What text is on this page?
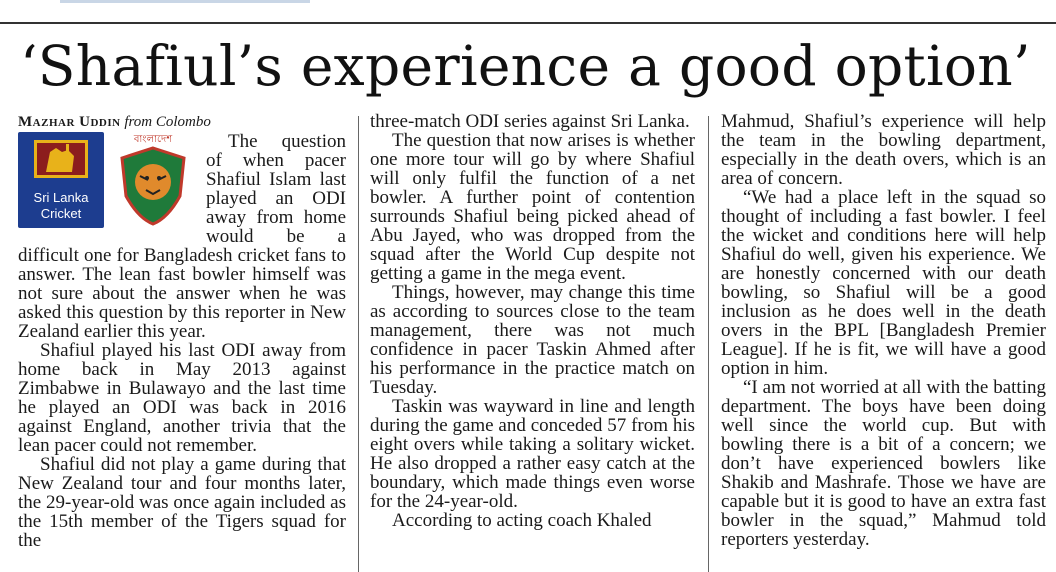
‘Shafiul’s experience a good option’

Mazhar Uddin from Colombo

Sri Lanka
Cricket
বাংলাদেশ	The question of when pacer Shafiul Islam last played an ODI away from home would be a difficult one for Bangladesh cricket fans to answer. The lean fast bowler himself was not sure about the answer when he was asked this question by this reporter in New Zealand earlier this year.

Shafiul played his last ODI away from home back in May 2013 against Zimbabwe in Bulawayo and the last time he played an ODI was back in 2016 against England, another trivia that the lean pacer could not remember.

Shafiul did not play a game during that New Zealand tour and four months later, the 29-year-old was once again included as the 15th member of the Tigers squad for the

three-match ODI series against Sri Lanka.

The question that now arises is whether one more tour will go by where Shafiul will only fulfil the function of a net bowler. A further point of contention surrounds Shafiul being picked ahead of Abu Jayed, who was dropped from the squad after the World Cup despite not getting a game in the mega event.

Things, however, may change this time as according to sources close to the team management, there was not much confidence in pacer Taskin Ahmed after his performance in the practice match on Tuesday.

Taskin was wayward in line and length during the game and conceded 57 from his eight overs while taking a solitary wicket. He also dropped a rather easy catch at the boundary, which made things even worse for the 24-year-old.

According to acting coach Khaled

Mahmud, Shafiul’s experience will help the team in the bowling department, especially in the death overs, which is an area of concern.

“We had a place left in the squad so thought of including a fast bowler. I feel the wicket and conditions here will help Shafiul do well, given his experience. We are honestly concerned with our death bowling, so Shafiul will be a good inclusion as he does well in the death overs in the BPL [Bangladesh Premier League]. If he is fit, we will have a good option in him.

“I am not worried at all with the batting department. The boys have been doing well since the world cup. But with bowling there is a bit of a concern; we don’t have experienced bowlers like Shakib and Mashrafe. Those we have are capable but it is good to have an extra fast bowler in the squad,” Mahmud told reporters yesterday.
